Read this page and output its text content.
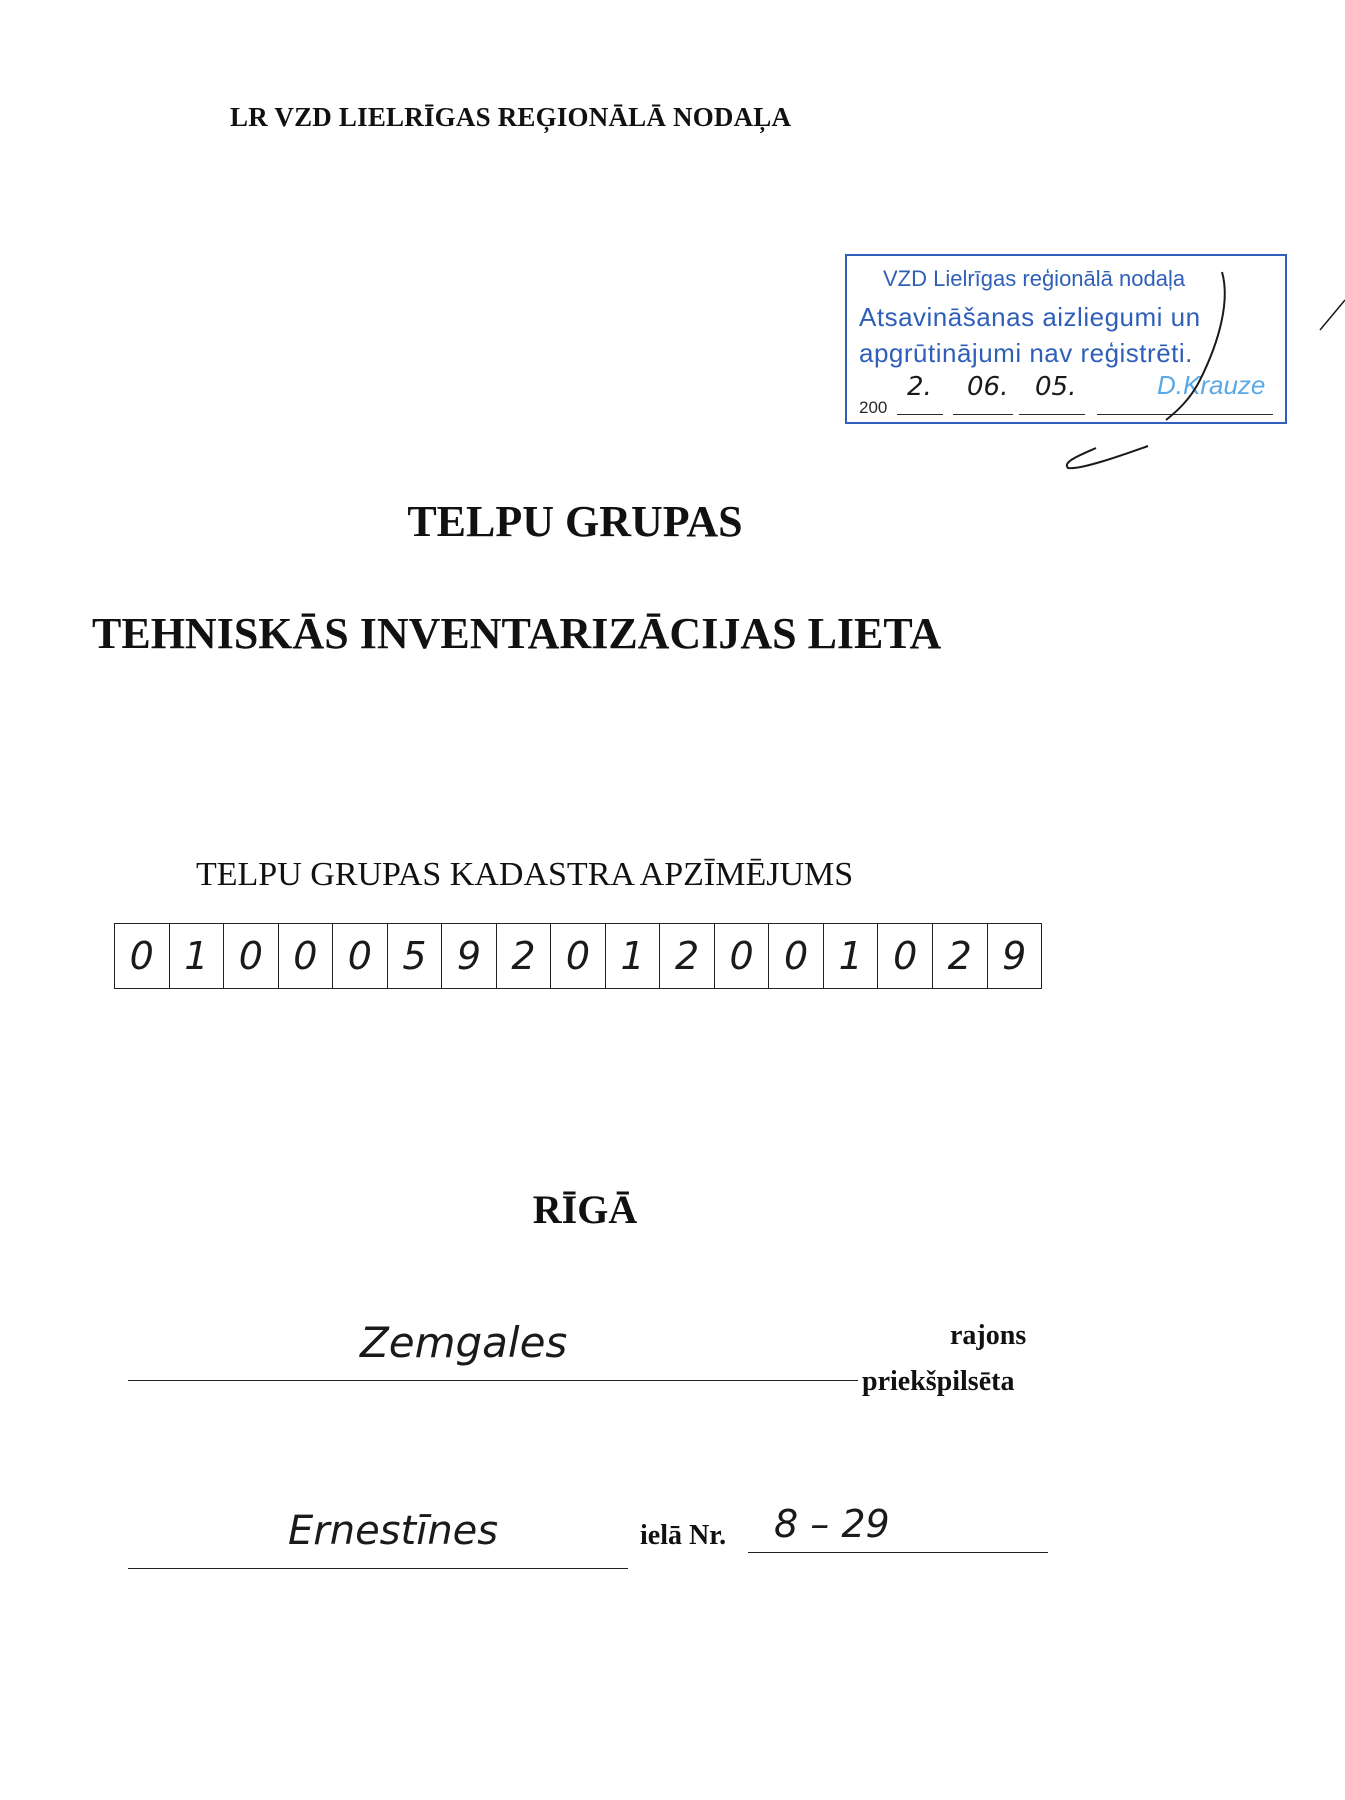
LR VZD LIELRĪGAS REĢIONĀLĀ NODAĻA
VZD Lielrīgas reģionālā nodaļa
Atsavināšanas aizliegumi un
apgrūtinājumi nav reģistrēti.
200
2. 06. 05.	D.Krauze
TELPU GRUPAS
TEHNISKĀS INVENTARIZĀCIJAS LIETA
TELPU GRUPAS KADASTRA APZĪMĒJUMS
0 1 0 0 0 5 9 2 0 1 2 0 0 1 0 2 9
RĪGĀ
Zemgales	rajons
priekšpilsēta
Ernestīnes	ielā Nr. 8 – 29
